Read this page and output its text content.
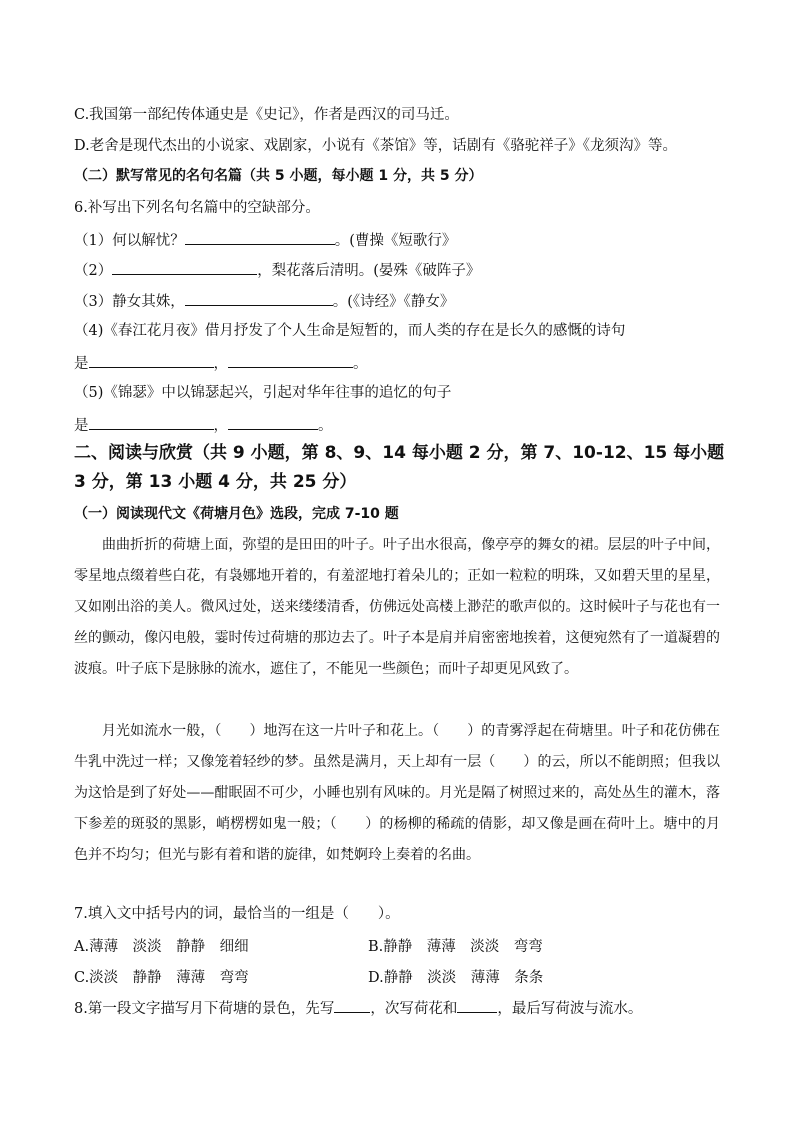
C.我国第一部纪传体通史是《史记》，作者是西汉的司马迁。
D.老舍是现代杰出的小说家、戏剧家，小说有《茶馆》等，话剧有《骆驼祥子》《龙须沟》等。
（二）默写常见的名句名篇（共 5 小题，每小题 1 分，共 5 分）
6.补写出下列名句名篇中的空缺部分。
（1）何以解忧？	。(曹操《短歌行》
（2）	，梨花落后清明。(晏殊《破阵子》
（3）静女其姝，	。(《诗经》《静女》
（4)《春江花月夜》借月抒发了个人生命是短暂的，而人类的存在是长久的感慨的诗句
是	，	。
（5)《锦瑟》中以锦瑟起兴，引起对华年往事的追忆的句子
是	，	。
二、阅读与欣赏（共 9 小题，第 8、9、14 每小题 2 分，第 7、10-12、15 每小题
3 分，第 13 小题 4 分，共 25 分）
（一）阅读现代文《荷塘月色》选段，完成 7-10 题
曲曲折折的荷塘上面，弥望的是田田的叶子。叶子出水很高，像亭亭的舞女的裙。层层的叶子中间，零星地点缀着些白花，有袅娜地开着的，有羞涩地打着朵儿的；正如一粒粒的明珠，又如碧天里的星星，又如刚出浴的美人。微风过处，送来缕缕清香，仿佛远处高楼上渺茫的歌声似的。这时候叶子与花也有一丝的颤动，像闪电般，霎时传过荷塘的那边去了。叶子本是肩并肩密密地挨着，这便宛然有了一道凝碧的波痕。叶子底下是脉脉的流水，遮住了，不能见一些颜色；而叶子却更见风致了。
月光如流水一般，（　　）地泻在这一片叶子和花上。（　　）的青雾浮起在荷塘里。叶子和花仿佛在牛乳中洗过一样；又像笼着轻纱的梦。虽然是满月，天上却有一层（　　）的云，所以不能朗照；但我以为这恰是到了好处——酣眠固不可少，小睡也别有风味的。月光是隔了树照过来的，高处丛生的灌木，落下参差的斑驳的黑影，峭楞楞如鬼一般；（　　）的杨柳的稀疏的倩影，却又像是画在荷叶上。塘中的月色并不均匀；但光与影有着和谐的旋律，如梵婀玲上奏着的名曲。
7.填入文中括号内的词，最恰当的一组是（　　）。
A.薄薄　淡淡　静静　细细	B.静静　薄薄　淡淡　弯弯
C.淡淡　静静　薄薄　弯弯	D.静静　淡淡　薄薄　条条
8.第一段文字描写月下荷塘的景色，先写 ，次写荷花和	，最后写荷波与流水。
